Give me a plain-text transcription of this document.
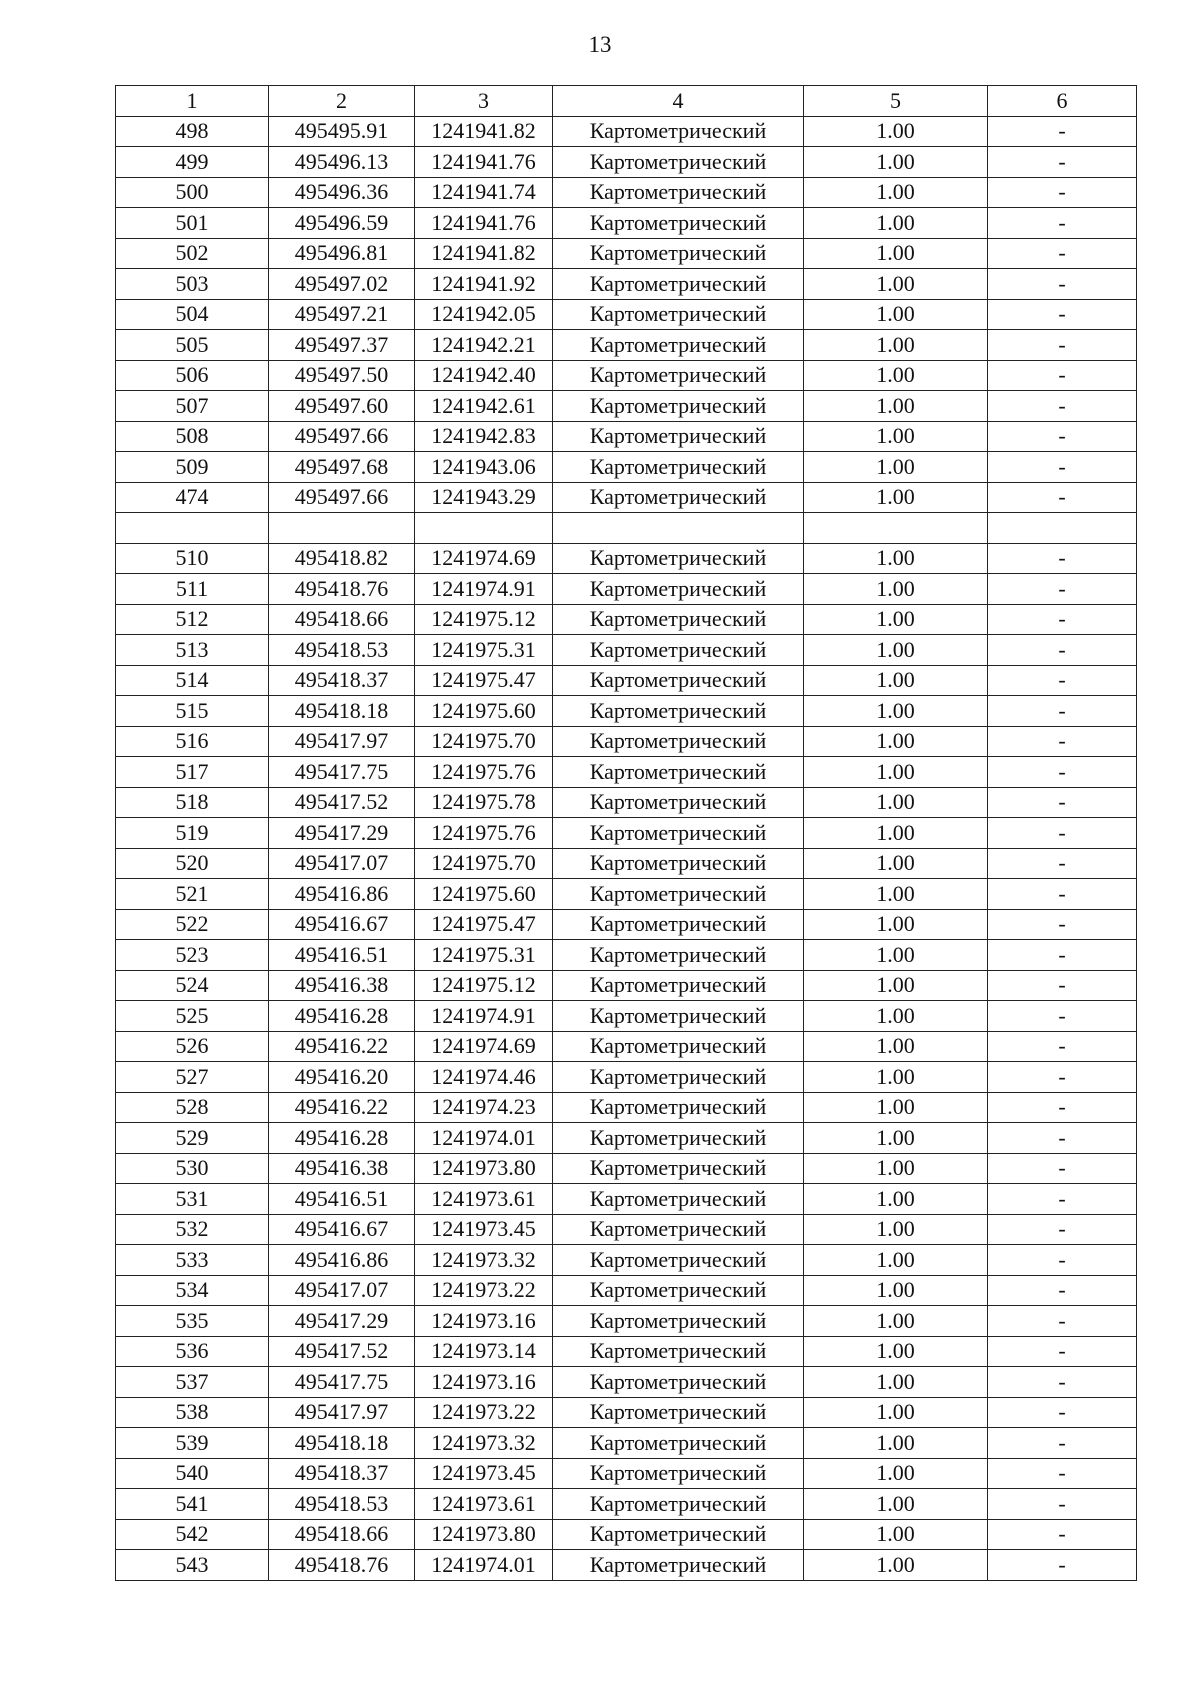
13
1	2	3	4	5	6
498	495495.91	1241941.82	Картометрический	1.00	-
499	495496.13	1241941.76	Картометрический	1.00	-
500	495496.36	1241941.74	Картометрический	1.00	-
501	495496.59	1241941.76	Картометрический	1.00	-
502	495496.81	1241941.82	Картометрический	1.00	-
503	495497.02	1241941.92	Картометрический	1.00	-
504	495497.21	1241942.05	Картометрический	1.00	-
505	495497.37	1241942.21	Картометрический	1.00	-
506	495497.50	1241942.40	Картометрический	1.00	-
507	495497.60	1241942.61	Картометрический	1.00	-
508	495497.66	1241942.83	Картометрический	1.00	-
509	495497.68	1241943.06	Картометрический	1.00	-
474	495497.66	1241943.29	Картометрический	1.00	-

510	495418.82	1241974.69	Картометрический	1.00	-
511	495418.76	1241974.91	Картометрический	1.00	-
512	495418.66	1241975.12	Картометрический	1.00	-
513	495418.53	1241975.31	Картометрический	1.00	-
514	495418.37	1241975.47	Картометрический	1.00	-
515	495418.18	1241975.60	Картометрический	1.00	-
516	495417.97	1241975.70	Картометрический	1.00	-
517	495417.75	1241975.76	Картометрический	1.00	-
518	495417.52	1241975.78	Картометрический	1.00	-
519	495417.29	1241975.76	Картометрический	1.00	-
520	495417.07	1241975.70	Картометрический	1.00	-
521	495416.86	1241975.60	Картометрический	1.00	-
522	495416.67	1241975.47	Картометрический	1.00	-
523	495416.51	1241975.31	Картометрический	1.00	-
524	495416.38	1241975.12	Картометрический	1.00	-
525	495416.28	1241974.91	Картометрический	1.00	-
526	495416.22	1241974.69	Картометрический	1.00	-
527	495416.20	1241974.46	Картометрический	1.00	-
528	495416.22	1241974.23	Картометрический	1.00	-
529	495416.28	1241974.01	Картометрический	1.00	-
530	495416.38	1241973.80	Картометрический	1.00	-
531	495416.51	1241973.61	Картометрический	1.00	-
532	495416.67	1241973.45	Картометрический	1.00	-
533	495416.86	1241973.32	Картометрический	1.00	-
534	495417.07	1241973.22	Картометрический	1.00	-
535	495417.29	1241973.16	Картометрический	1.00	-
536	495417.52	1241973.14	Картометрический	1.00	-
537	495417.75	1241973.16	Картометрический	1.00	-
538	495417.97	1241973.22	Картометрический	1.00	-
539	495418.18	1241973.32	Картометрический	1.00	-
540	495418.37	1241973.45	Картометрический	1.00	-
541	495418.53	1241973.61	Картометрический	1.00	-
542	495418.66	1241973.80	Картометрический	1.00	-
543	495418.76	1241974.01	Картометрический	1.00	-
